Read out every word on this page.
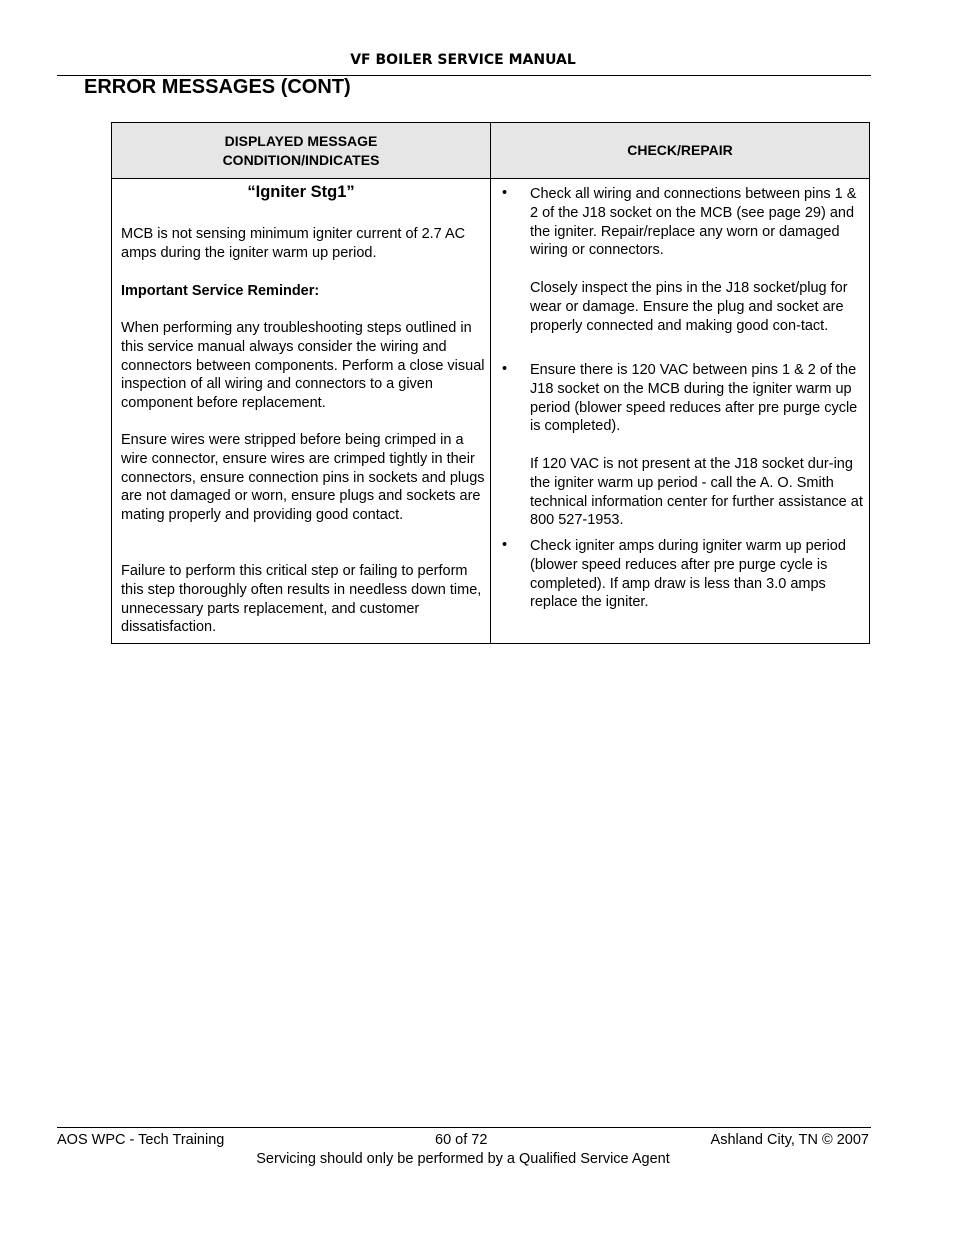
VF BOILER SERVICE MANUAL
ERROR MESSAGES (CONT)
DISPLAYED MESSAGE
CONDITION/INDICATES
CHECK/REPAIR
“Igniter Stg1”

MCB is not sensing minimum igniter current of 2.7 AC amps during the igniter warm up period.

Important Service Reminder:

When performing any troubleshooting steps outlined in this service manual always consider the wiring and connectors between components. Perform a close visual inspection of all wiring and connectors to a given component before replacement.

Ensure wires were stripped before being crimped in a wire connector, ensure wires are crimped tightly in their connectors, ensure connection pins in sockets and plugs are not damaged or worn, ensure plugs and sockets are mating properly and providing good contact.

Failure to perform this critical step or failing to perform this step thoroughly often results in needless down time, unnecessary parts replacement, and customer dissatisfaction.

• Check all wiring and connections between pins 1 & 2 of the J18 socket on the MCB (see page 29) and the igniter. Repair/replace any worn or damaged wiring or connectors.

Closely inspect the pins in the J18 socket/plug for wear or damage. Ensure the plug and socket are properly connected and making good con-tact.

• Ensure there is 120 VAC between pins 1 & 2 of the J18 socket on the MCB during the igniter warm up period (blower speed reduces after pre purge cycle is completed).

If 120 VAC is not present at the J18 socket dur-ing the igniter warm up period - call the A. O. Smith technical information center for further assistance at 800 527-1953.

• Check igniter amps during igniter warm up period (blower speed reduces after pre purge cycle is completed). If amp draw is less than 3.0 amps replace the igniter.

AOS WPC - Tech Training	60 of 72	Ashland City, TN © 2007
Servicing should only be performed by a Qualified Service Agent
